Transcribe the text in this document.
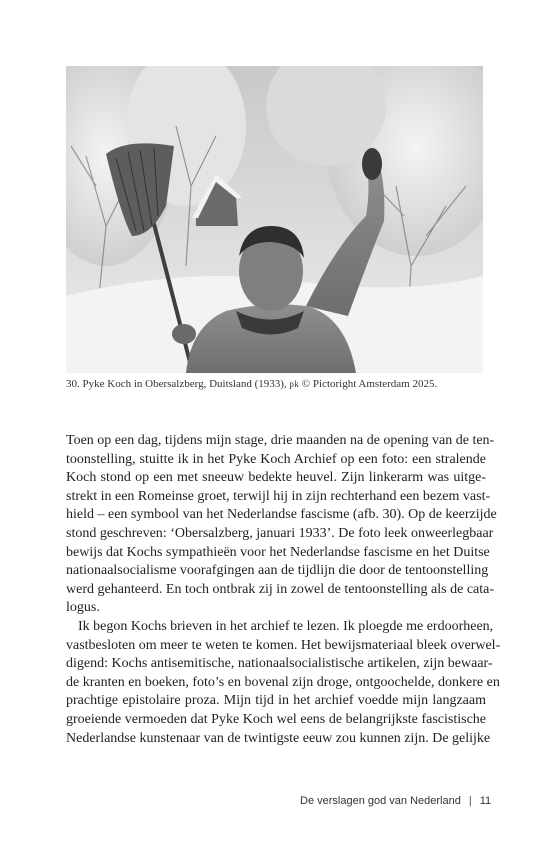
30. Pyke Koch in Obersalzberg, Duitsland (1933), pk © Pictoright Amsterdam 2025.
Toen op een dag, tijdens mijn stage, drie maanden na de opening van de ten-
toonstelling, stuitte ik in het Pyke Koch Archief op een foto: een stralende
Koch stond op een met sneeuw bedekte heuvel. Zijn linkerarm was uitge-
strekt in een Romeinse groet, terwijl hij in zijn rechterhand een bezem vast-
hield – een symbool van het Nederlandse fascisme (afb. 30). Op de keerzijde
stond geschreven: ‘Obersalzberg, januari 1933’. De foto leek onweerlegbaar
bewijs dat Kochs sympathieën voor het Nederlandse fascisme en het Duitse
nationaalsocialisme voorafgingen aan de tijdlijn die door de tentoonstelling
werd gehanteerd. En toch ontbrak zij in zowel de tentoonstelling als de cata-
logus.
Ik begon Kochs brieven in het archief te lezen. Ik ploegde me erdoorheen,
vastbesloten om meer te weten te komen. Het bewijsmateriaal bleek overwel-
digend: Kochs antisemitische, nationaalsocialistische artikelen, zijn bewaar-
de kranten en boeken, foto’s en bovenal zijn droge, ontgoochelde, donkere en
prachtige epistolaire proza. Mijn tijd in het archief voedde mijn langzaam
groeiende vermoeden dat Pyke Koch wel eens de belangrijkste fascistische
Nederlandse kunstenaar van de twintigste eeuw zou kunnen zijn. De gelijke
De verslagen god van Nederland | 11
